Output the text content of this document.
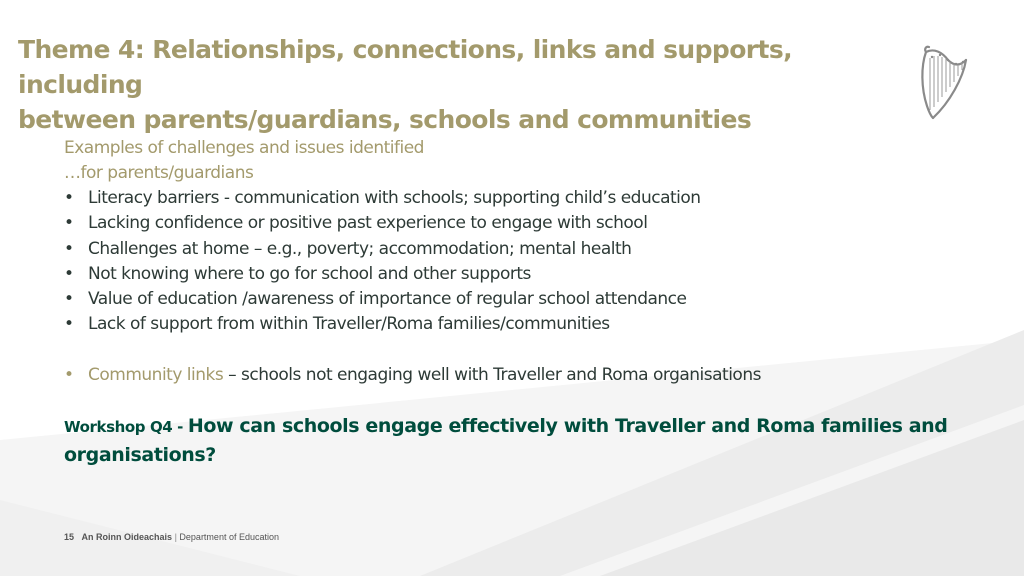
Theme 4: Relationships, connections, links and supports, including
between parents/guardians, schools and communities
Examples of challenges and issues identified
…for parents/guardians
• Literacy barriers - communication with schools; supporting child’s education
• Lacking confidence or positive past experience to engage with school
• Challenges at home – e.g., poverty; accommodation; mental health
• Not knowing where to go for school and other supports
• Value of education /awareness of importance of regular school attendance
• Lack of support from within Traveller/Roma families/communities
• Community links – schools not engaging well with Traveller and Roma organisations
Workshop Q4 - How can schools engage effectively with Traveller and Roma families and organisations?
15 An Roinn Oideachais | Department of Education
